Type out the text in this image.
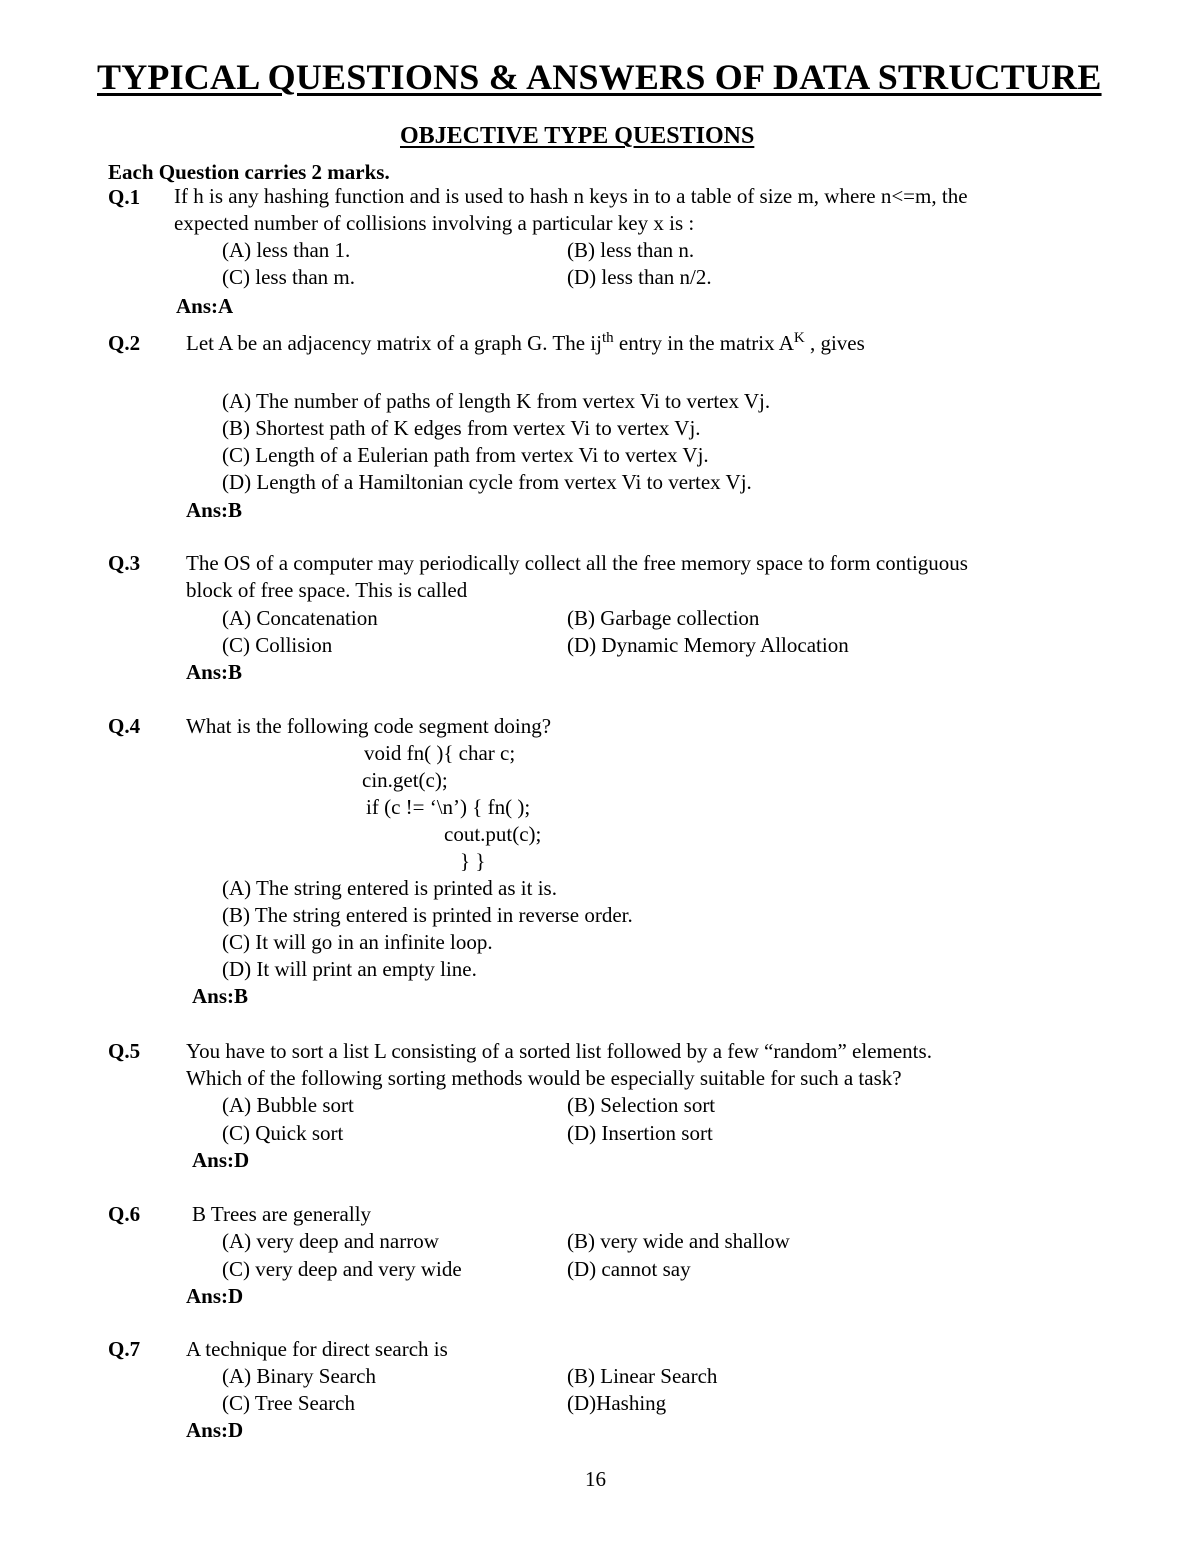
TYPICAL QUESTIONS & ANSWERS OF DATA STRUCTURE
OBJECTIVE TYPE QUESTIONS
Each Question carries 2 marks.
Q.1 If h is any hashing function and is used to hash n keys in to a table of size m, where n<=m, the
expected number of collisions involving a particular key x is :
(A) less than 1.	(B) less than n.
(C) less than m.	(D) less than n/2.
Ans:A
Q.2 Let A be an adjacency matrix of a graph G. The $ij^{th}$ entry in the matrix $A^K$ , gives
(A) The number of paths of length K from vertex Vi to vertex Vj.
(B) Shortest path of K edges from vertex Vi to vertex Vj.
(C) Length of a Eulerian path from vertex Vi to vertex Vj.
(D) Length of a Hamiltonian cycle from vertex Vi to vertex Vj.
Ans:B
Q.3 The OS of a computer may periodically collect all the free memory space to form contiguous
block of free space. This is called
(A) Concatenation	(B) Garbage collection
(C) Collision	(D) Dynamic Memory Allocation
Ans:B
Q.4 What is the following code segment doing?
void fn( ){ char c;
cin.get(c);
if (c != ‘\n’) { fn( );
cout.put(c);
} }
(A) The string entered is printed as it is.
(B) The string entered is printed in reverse order.
(C) It will go in an infinite loop.
(D) It will print an empty line.
Ans:B
Q.5 You have to sort a list L consisting of a sorted list followed by a few “random” elements.
Which of the following sorting methods would be especially suitable for such a task?
(A) Bubble sort	(B) Selection sort
(C) Quick sort	(D) Insertion sort
Ans:D
Q.6 B Trees are generally
(A) very deep and narrow	(B) very wide and shallow
(C) very deep and very wide	(D) cannot say
Ans:D
Q.7 A technique for direct search is
(A) Binary Search	(B) Linear Search
(C) Tree Search	(D)Hashing
Ans:D
16
